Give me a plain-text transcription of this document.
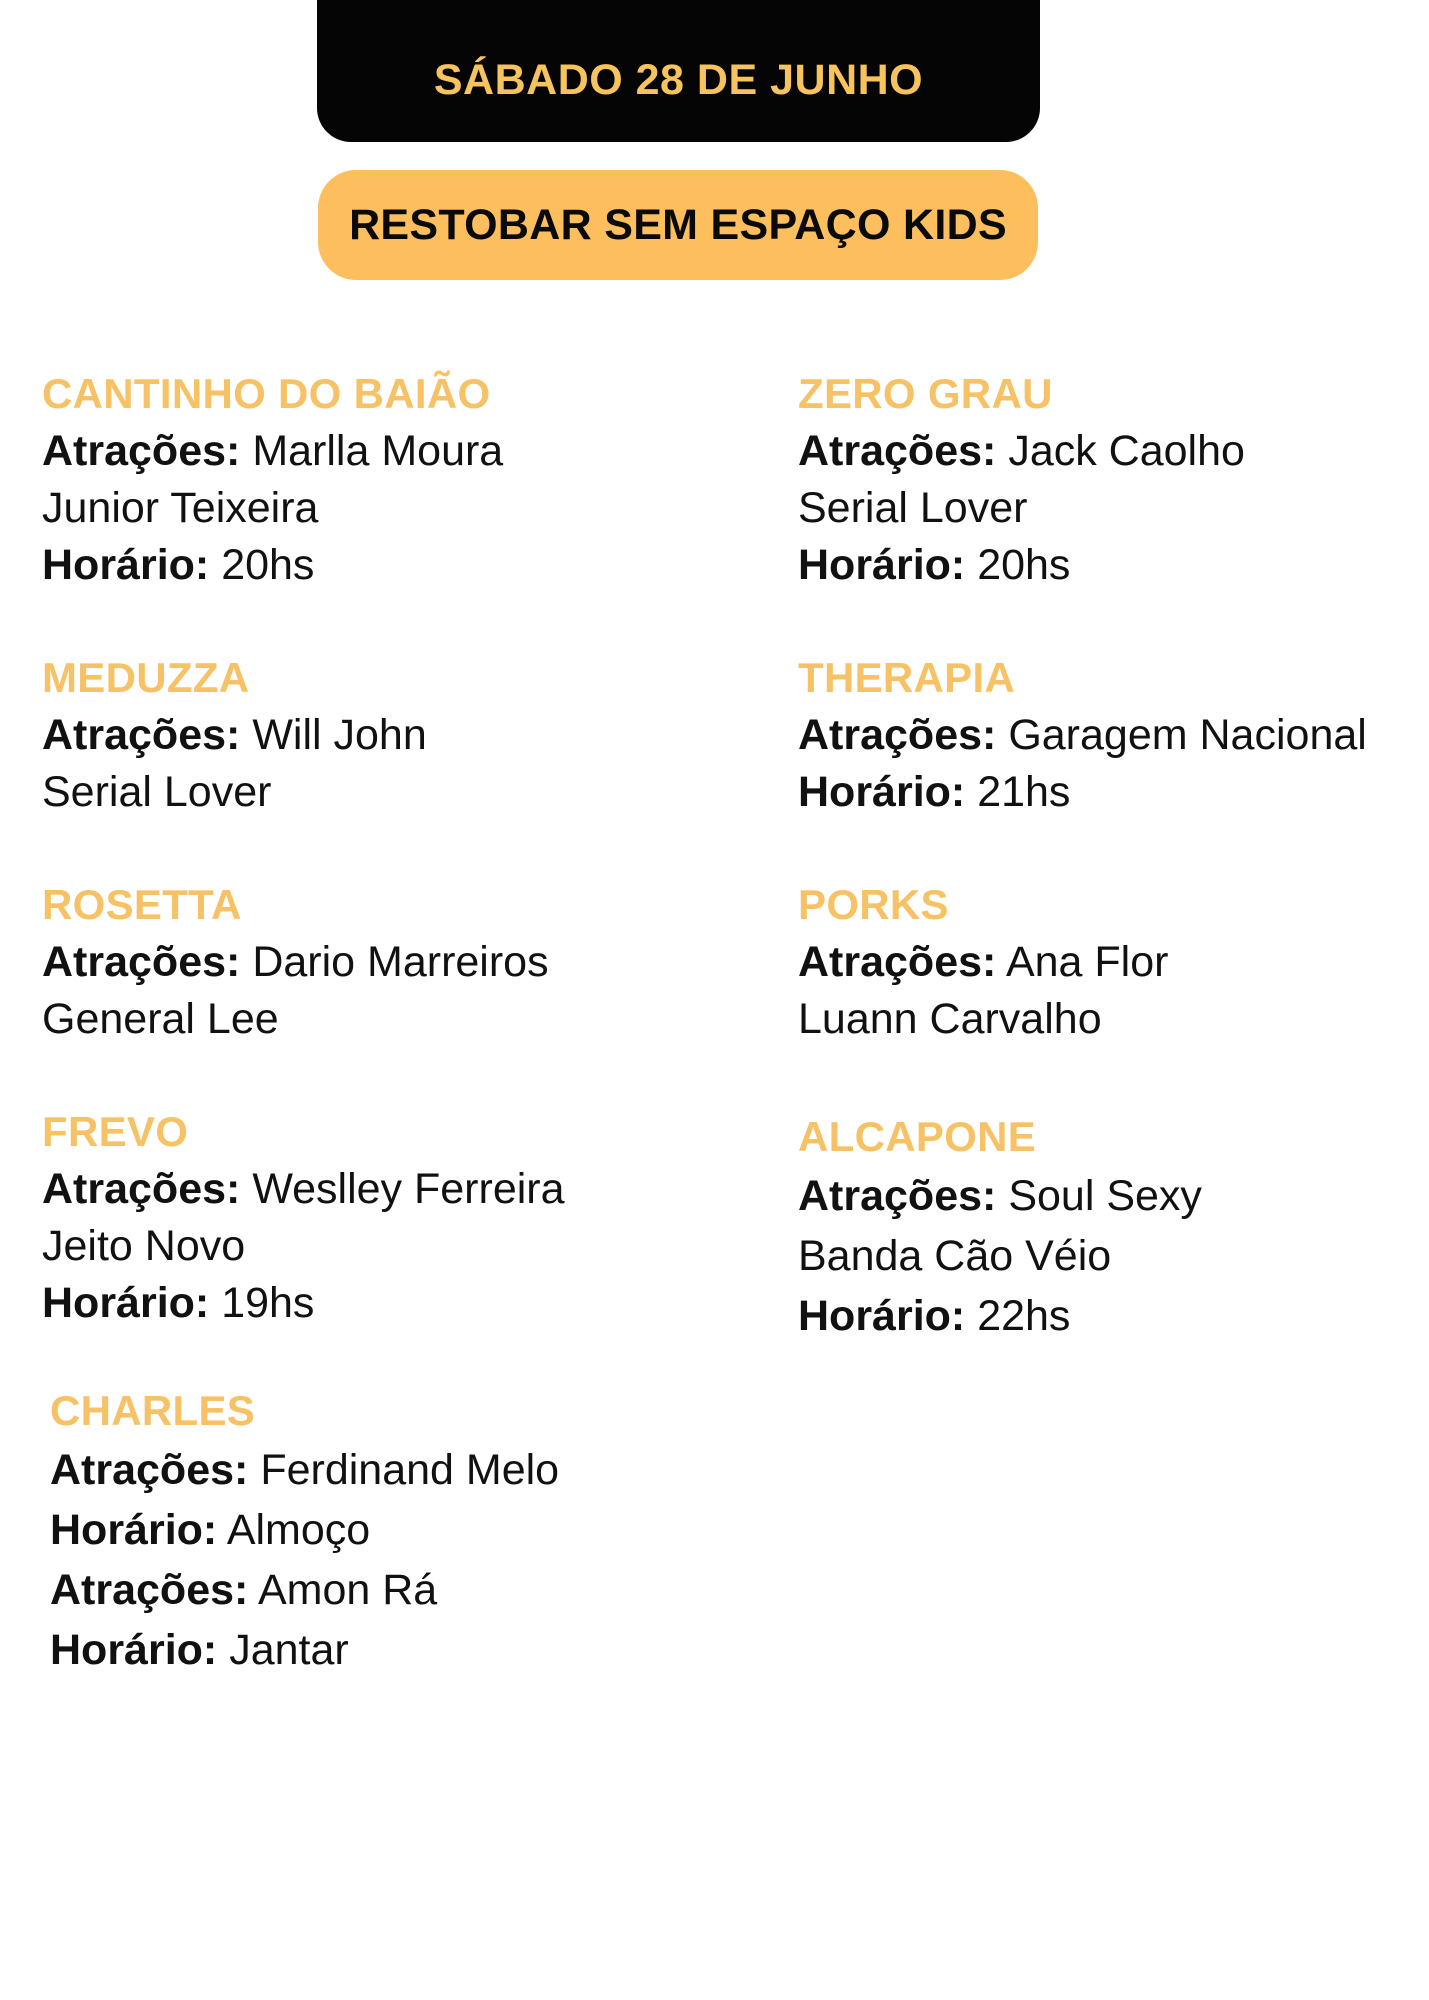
SÁBADO 28 DE JUNHO
RESTOBAR SEM ESPAÇO KIDS
CANTINHO DO BAIÃO
Atrações: Marlla Moura
Junior Teixeira
Horário: 20hs
MEDUZZA
Atrações: Will John
Serial Lover
ROSETTA
Atrações: Dario Marreiros
General Lee
FREVO
Atrações: Weslley Ferreira
Jeito Novo
Horário: 19hs
CHARLES
Atrações: Ferdinand Melo
Horário: Almoço
Atrações: Amon Rá
Horário: Jantar
ZERO GRAU
Atrações: Jack Caolho
Serial Lover
Horário: 20hs
THERAPIA
Atrações: Garagem Nacional
Horário: 21hs
PORKS
Atrações: Ana Flor
Luann Carvalho
ALCAPONE
Atrações: Soul Sexy
Banda Cão Véio
Horário: 22hs
